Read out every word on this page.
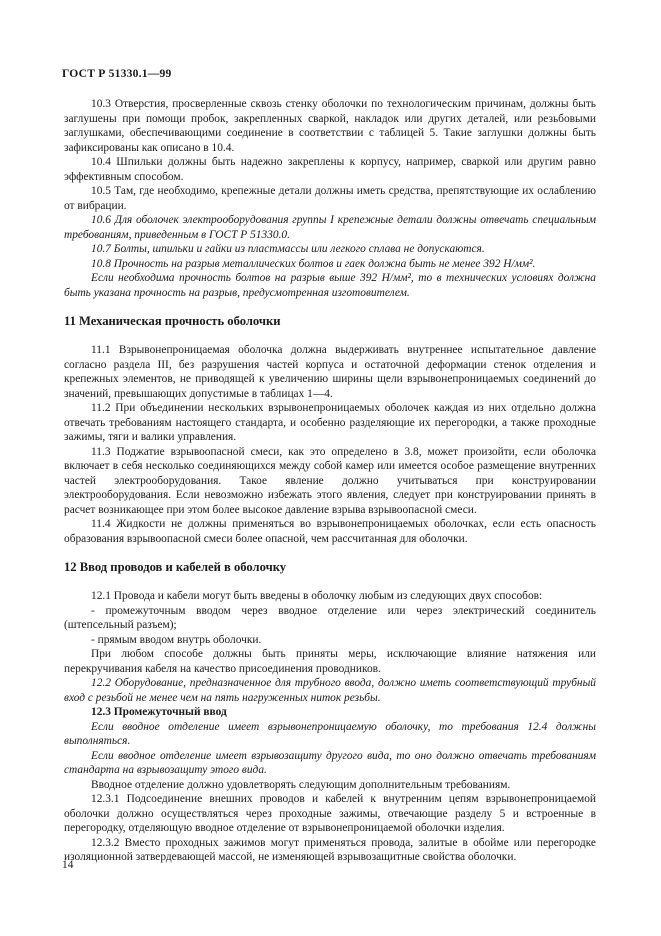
ГОСТ Р 51330.1—99

10.3 Отверстия, просверленные сквозь стенку оболочки по технологическим причинам, должны быть заглушены при помощи пробок, закрепленных сваркой, накладок или других деталей, или резьбовыми заглушками, обеспечивающими соединение в соответствии с таблицей 5. Такие заглушки должны быть зафиксированы как описано в 10.4.

10.4 Шпильки должны быть надежно закреплены к корпусу, например, сваркой или другим равно эффективным способом.

10.5 Там, где необходимо, крепежные детали должны иметь средства, препятствующие их ослаблению от вибрации.

10.6 Для оболочек электрооборудования группы I крепежные детали должны отвечать специальным требованиям, приведенным в ГОСТ Р 51330.0.

10.7 Болты, шпильки и гайки из пластмассы или легкого сплава не допускаются.

10.8 Прочность на разрыв металлических болтов и гаек должна быть не менее 392 Н/мм².

Если необходима прочность болтов на разрыв выше 392 Н/мм², то в технических условиях должна быть указана прочность на разрыв, предусмотренная изготовителем.

11 Механическая прочность оболочки

11.1 Взрывонепроницаемая оболочка должна выдерживать внутреннее испытательное давление согласно раздела III, без разрушения частей корпуса и остаточной деформации стенок отделения и крепежных элементов, не приводящей к увеличению ширины щели взрывонепроницаемых соединений до значений, превышающих допустимые в таблицах 1—4.

11.2 При объединении нескольких взрывонепроницаемых оболочек каждая из них отдельно должна отвечать требованиям настоящего стандарта, и особенно разделяющие их перегородки, а также проходные зажимы, тяги и валики управления.

11.3 Поджатие взрывоопасной смеси, как это определено в 3.8, может произойти, если оболочка включает в себя несколько соединяющихся между собой камер или имеется особое размещение внутренних частей электрооборудования. Такое явление должно учитываться при конструировании электрооборудования. Если невозможно избежать этого явления, следует при конструировании принять в расчет возникающее при этом более высокое давление взрыва взрывоопасной смеси.

11.4 Жидкости не должны применяться во взрывонепроницаемых оболочках, если есть опасность образования взрывоопасной смеси более опасной, чем рассчитанная для оболочки.

12 Ввод проводов и кабелей в оболочку

12.1 Провода и кабели могут быть введены в оболочку любым из следующих двух способов:

- промежуточным вводом через вводное отделение или через электрический соединитель (штепсельный разъем);

- прямым вводом внутрь оболочки.

При любом способе должны быть приняты меры, исключающие влияние натяжения или перекручивания кабеля на качество присоединения проводников.

12.2 Оборудование, предназначенное для трубного ввода, должно иметь соответствующий трубный вход с резьбой не менее чем на пять нагруженных ниток резьбы.

12.3 Промежуточный ввод

Если вводное отделение имеет взрывонепроницаемую оболочку, то требования 12.4 должны выполняться.

Если вводное отделение имеет взрывозащиту другого вида, то оно должно отвечать требованиям стандарта на взрывозащиту этого вида.

Вводное отделение должно удовлетворять следующим дополнительным требованиям.

12.3.1 Подсоединение внешних проводов и кабелей к внутренним цепям взрывонепроницаемой оболочки должно осуществляться через проходные зажимы, отвечающие разделу 5 и встроенные в перегородку, отделяющую вводное отделение от взрывонепроницаемой оболочки изделия.

12.3.2 Вместо проходных зажимов могут применяться провода, залитые в обойме или перегородке изоляционной затвердевающей массой, не изменяющей взрывозащитные свойства оболочки.

14
